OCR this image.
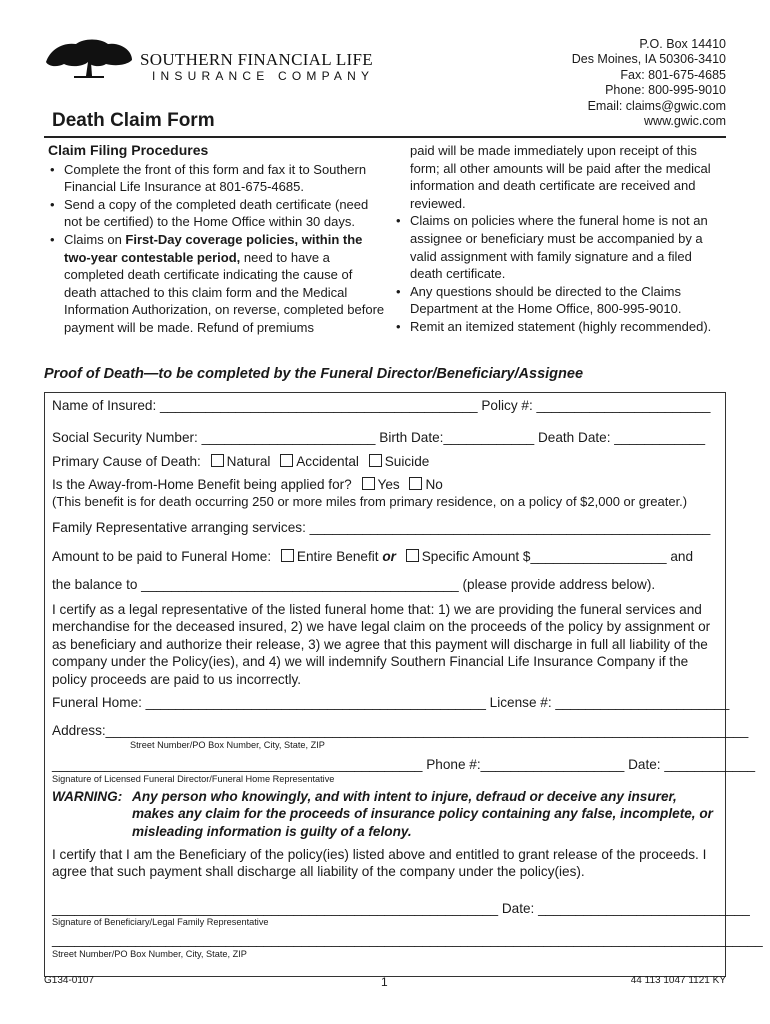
SOUTHERN FINANCIAL LIFE
INSURANCE COMPANY
P.O. Box 14410
Des Moines, IA 50306-3410
Fax: 801-675-4685
Phone: 800-995-9010
Email: claims@gwic.com
www.gwic.com
Death Claim Form
Claim Filing Procedures
• Complete the front of this form and fax it to Southern Financial Life Insurance at 801-675-4685.
• Send a copy of the completed death certificate (need not be certified) to the Home Office within 30 days.
• Claims on First-Day coverage policies, within the two-year contestable period, need to have a completed death certificate indicating the cause of death attached to this claim form and the Medical Information Authorization, on reverse, completed before payment will be made. Refund of premiums
paid will be made immediately upon receipt of this form; all other amounts will be paid after the medical information and death certificate are received and reviewed.
• Claims on policies where the funeral home is not an assignee or beneficiary must be accompanied by a valid assignment with family signature and a filed death certificate.
• Any questions should be directed to the Claims Department at the Home Office, 800-995-9010.
• Remit an itemized statement (highly recommended).
Proof of Death—to be completed by the Funeral Director/Beneficiary/Assignee
Name of Insured: __________________________________________ Policy #: _______________________
Social Security Number: _______________________ Birth Date:____________ Death Date: ____________
Primary Cause of Death: Natural Accidental Suicide
Is the Away-from-Home Benefit being applied for? Yes No
(This benefit is for death occurring 250 or more miles from primary residence, on a policy of $2,000 or greater.)
Family Representative arranging services: _____________________________________________________
Amount to be paid to Funeral Home: Entire Benefit or Specific Amount $__________________ and
the balance to __________________________________________ (please provide address below).
I certify as a legal representative of the listed funeral home that: 1) we are providing the funeral services and merchandise for the deceased insured, 2) we have legal claim on the proceeds of the policy by assignment or as beneficiary and authorize their release, 3) we agree that this payment will discharge in full all liability of the company under the Policy(ies), and 4) we will indemnify Southern Financial Life Insurance Company if the policy proceeds are paid to us incorrectly.
Funeral Home: _____________________________________________ License #: _______________________
Address:_____________________________________________________________________________________
Street Number/PO Box Number, City, State, ZIP
_________________________________________________ Phone #:___________________ Date: ____________
Signature of Licensed Funeral Director/Funeral Home Representative
WARNING: Any person who knowingly, and with intent to injure, defraud or deceive any insurer, makes any claim for the proceeds of insurance policy containing any false, incomplete, or misleading information is guilty of a felony.
I certify that I am the Beneficiary of the policy(ies) listed above and entitled to grant release of the proceeds. I agree that such payment shall discharge all liability of the company under the policy(ies).
___________________________________________________________ Date: ____________________________
Signature of Beneficiary/Legal Family Representative
______________________________________________________________________________________________
Street Number/PO Box Number, City, State, ZIP
G134-0107	1	44 113 1047 1121 KY
